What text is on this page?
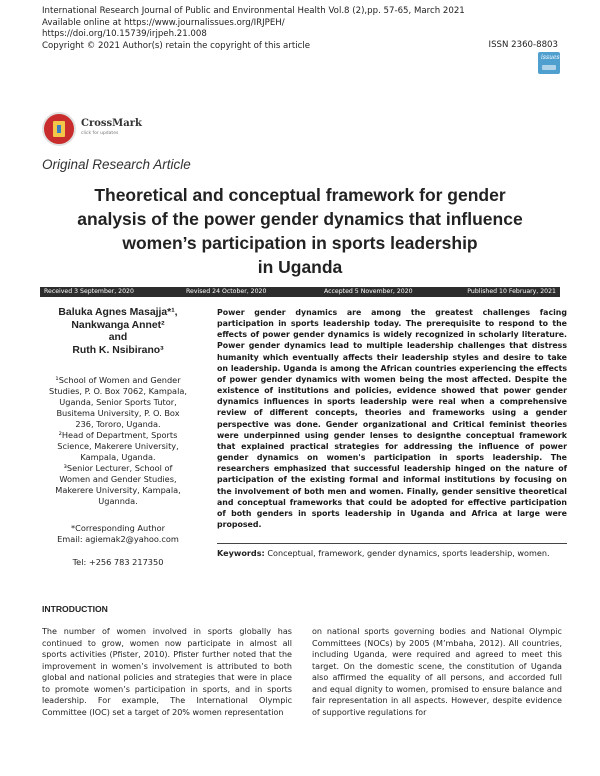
International Research Journal of Public and Environmental Health Vol.8 (2),pp. 57-65, March 2021
Available online at https://www.journalissues.org/IRJPEH/
https://doi.org/10.15739/irjpeh.21.008
Copyright © 2021 Author(s) retain the copyright of this article	ISSN 2360-8803
issues
CrossMark
click for updates
Original Research Article
Theoretical and conceptual framework for gender
analysis of the power gender dynamics that influence
women’s participation in sports leadership
in Uganda
Received 3 September, 2020	Revised 24 October, 2020	Accepted 5 November, 2020	Published 10 February, 2021
Baluka Agnes Masajja*¹,
Nankwanga Annet²
and
Ruth K. Nsibirano³
¹School of Women and Gender
Studies, P. O. Box 7062, Kampala,
Uganda, Senior Sports Tutor,
Busitema University, P. O. Box
236, Tororo, Uganda.
²Head of Department, Sports
Science, Makerere University,
Kampala, Uganda.
³Senior Lecturer, School of
Women and Gender Studies,
Makerere University, Kampala,
Ugannda.
*Corresponding Author
Email: agiemak2@yahoo.com
Tel: +256 783 217350
Power gender dynamics are among the greatest challenges facing participation in sports leadership today. The prerequisite to respond to the effects of power gender dynamics is widely recognized in scholarly literature. Power gender dynamics lead to multiple leadership challenges that distress humanity which eventually affects their leadership styles and desire to take on leadership. Uganda is among the African countries experiencing the effects of power gender dynamics with women being the most affected. Despite the existence of institutions and policies, evidence showed that power gender dynamics influences in sports leadership were real when a comprehensive review of different concepts, theories and frameworks using a gender perspective was done. Gender organizational and Critical feminist theories were underpinned using gender lenses to designthe conceptual framework that explained practical strategies for addressing the influence of power gender dynamics on women's participation in sports leadership. The researchers emphasized that successful leadership hinged on the nature of participation of the existing formal and informal institutions by focusing on the involvement of both men and women. Finally, gender sensitive theoretical and conceptual frameworks that could be adopted for effective participation of both genders in sports leadership in Uganda and Africa at large were proposed.
Keywords: Conceptual, framework, gender dynamics, sports leadership, women.
INTRODUCTION
The number of women involved in sports globally has continued to grow, women now participate in almost all sports activities (Pfister, 2010). Pfister further noted that the improvement in women’s involvement is attributed to both global and national policies and strategies that were in place to promote women’s participation in sports, and in sports leadership. For example, The International Olympic Committee (IOC) set a target of 20% women representation
on national sports governing bodies and National Olympic Committees (NOCs) by 2005 (M’mbaha, 2012). All countries, including Uganda, were required and agreed to meet this target. On the domestic scene, the constitution of Uganda also affirmed the equality of all persons, and accorded full and equal dignity to women, promised to ensure balance and fair representation in all aspects. However, despite evidence of supportive regulations for
